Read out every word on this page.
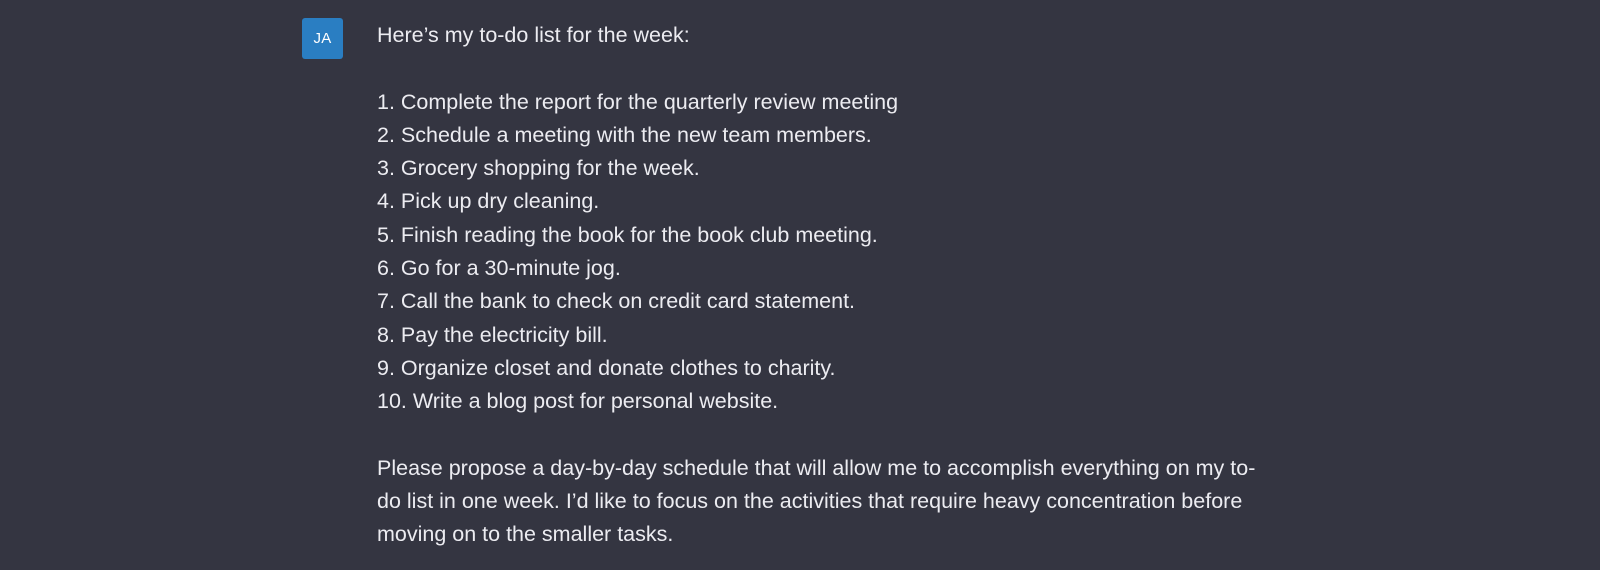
JA	Here’s my to-do list for the week:
1. Complete the report for the quarterly review meeting
2. Schedule a meeting with the new team members.
3. Grocery shopping for the week.
4. Pick up dry cleaning.
5. Finish reading the book for the book club meeting.
6. Go for a 30-minute jog.
7. Call the bank to check on credit card statement.
8. Pay the electricity bill.
9. Organize closet and donate clothes to charity.
10. Write a blog post for personal website.
Please propose a day-by-day schedule that will allow me to accomplish everything on my to-
do list in one week. I’d like to focus on the activities that require heavy concentration before
moving on to the smaller tasks.
